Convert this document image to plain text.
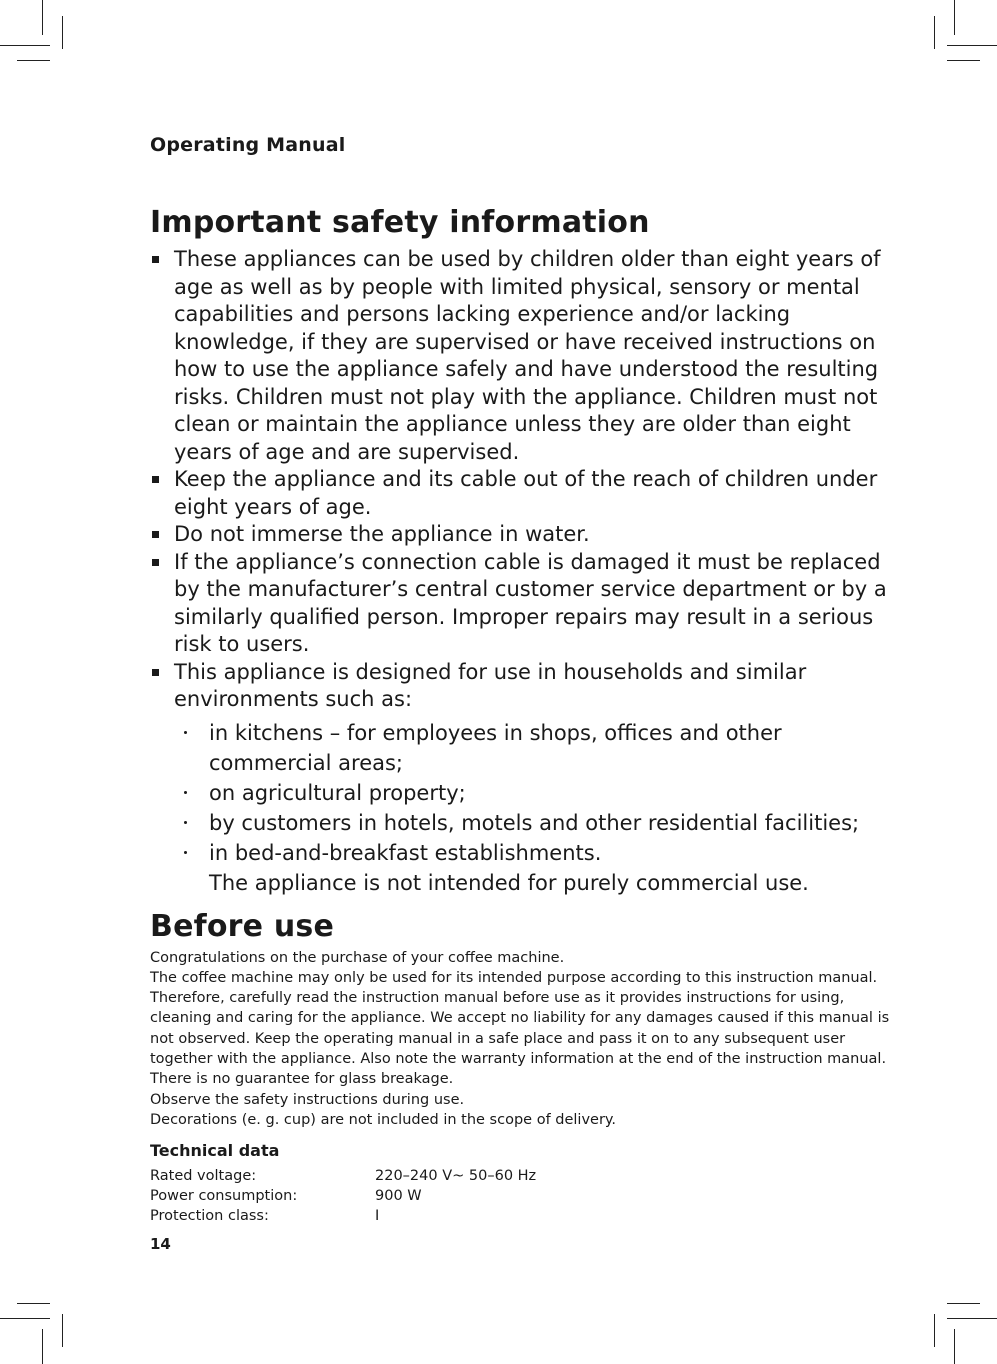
Operating Manual
Important safety information
These appliances can be used by children older than eight years of age as well as by people with limited physical, sensory or mental capabilities and persons lacking experience and/or lacking knowledge, if they are supervised or have received instructions on how to use the appliance safely and have understood the resulting risks. Children must not play with the appliance. Children must not clean or maintain the appliance unless they are older than eight years of age and are supervised.
Keep the appliance and its cable out of the reach of children under eight years of age.
Do not immerse the appliance in water.
If the appliance’s connection cable is damaged it must be replaced by the manufacturer’s central customer service department or by a similarly qualified person. Improper repairs may result in a serious risk to users.
This appliance is designed for use in households and similar environments such as:
in kitchens – for employees in shops, offices and other commercial areas;
on agricultural property;
by customers in hotels, motels and other residential facilities;
in bed-and-breakfast establishments.
The appliance is not intended for purely commercial use.
Before use

Congratulations on the purchase of your coffee machine.

The coffee machine may only be used for its intended purpose according to this instruction manual. Therefore, carefully read the instruction manual before use as it provides instructions for using, cleaning and caring for the appliance. We accept no liability for any damages caused if this manual is not observed. Keep the operating manual in a safe place and pass it on to any subsequent user together with the appliance. Also note the warranty information at the end of the instruction manual.

There is no guarantee for glass breakage.

Observe the safety instructions during use.

Decorations (e. g. cup) are not included in the scope of delivery.

Technical data
Rated voltage:	220–240 V~ 50–60 Hz
Power consumption:	900 W
Protection class:	I
14
